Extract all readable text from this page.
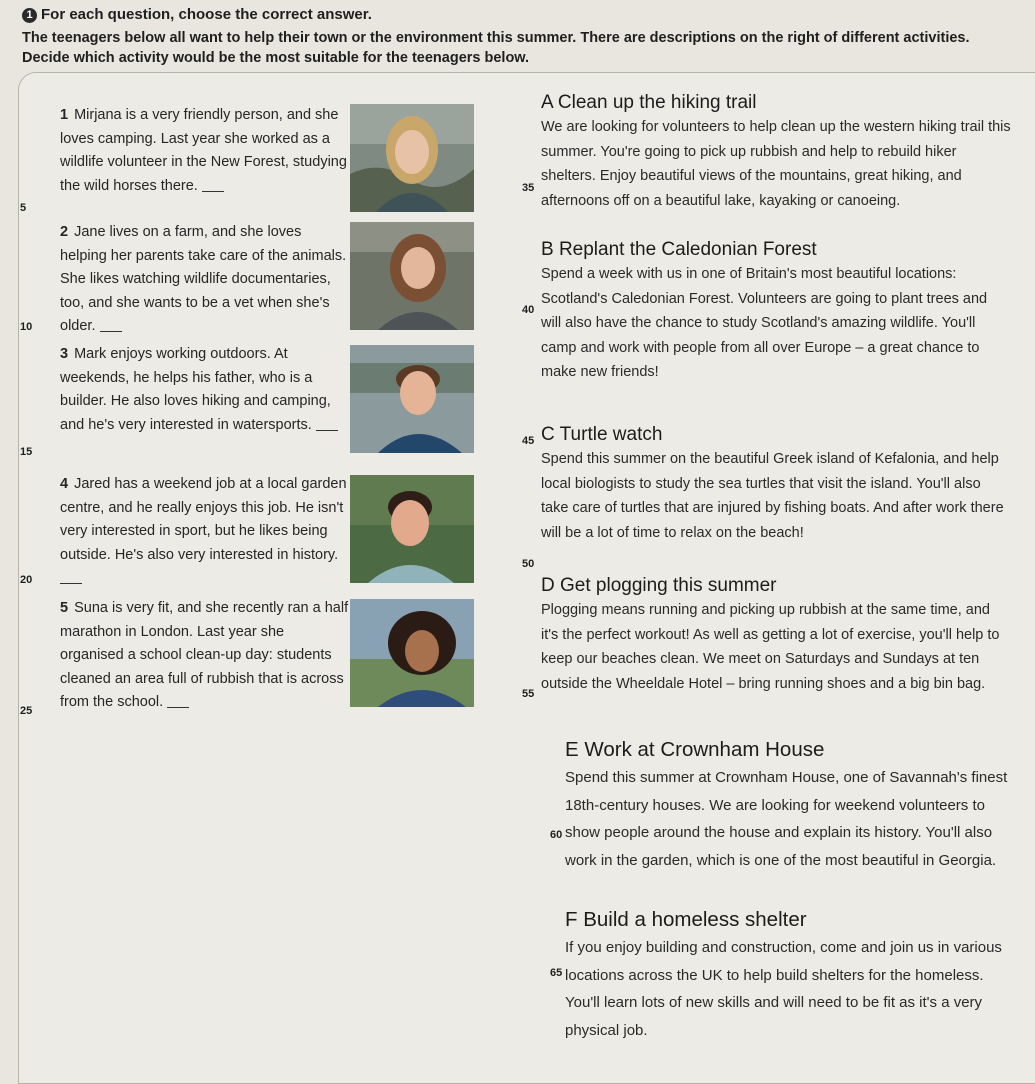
1 For each question, choose the correct answer.
The teenagers below all want to help their town or the environment this summer. There are descriptions on the right of different activities. Decide which activity would be the most suitable for the teenagers below.
5
10
15
20
25
1 Mirjana is a very friendly person, and she loves camping. Last year she worked as a wildlife volunteer in the New Forest, studying the wild horses there.
2 Jane lives on a farm, and she loves helping her parents take care of the animals. She likes watching wildlife documentaries, too, and she wants to be a vet when she's older.
3 Mark enjoys working outdoors. At weekends, he helps his father, who is a builder. He also loves hiking and camping, and he's very interested in watersports.
4 Jared has a weekend job at a local garden centre, and he really enjoys this job. He isn't very interested in sport, but he likes being outside. He's also very interested in history.
5 Suna is very fit, and she recently ran a half marathon in London. Last year she organised a school clean-up day: students cleaned an area full of rubbish that is across from the school.
35
40
45
50
55
60
65
A Clean up the hiking trail
We are looking for volunteers to help clean up the western hiking trail this summer. You're going to pick up rubbish and help to rebuild hiker shelters. Enjoy beautiful views of the mountains, great hiking, and afternoons off on a beautiful lake, kayaking or canoeing.
B Replant the Caledonian Forest
Spend a week with us in one of Britain's most beautiful locations: Scotland's Caledonian Forest. Volunteers are going to plant trees and will also have the chance to study Scotland's amazing wildlife. You'll camp and work with people from all over Europe – a great chance to make new friends!
C Turtle watch
Spend this summer on the beautiful Greek island of Kefalonia, and help local biologists to study the sea turtles that visit the island. You'll also take care of turtles that are injured by fishing boats. And after work there will be a lot of time to relax on the beach!
D Get plogging this summer
Plogging means running and picking up rubbish at the same time, and it's the perfect workout! As well as getting a lot of exercise, you'll help to keep our beaches clean. We meet on Saturdays and Sundays at ten outside the Wheeldale Hotel – bring running shoes and a big bin bag.
E Work at Crownham House
Spend this summer at Crownham House, one of Savannah's finest 18th-century houses. We are looking for weekend volunteers to show people around the house and explain its history. You'll also work in the garden, which is one of the most beautiful in Georgia.
F Build a homeless shelter
If you enjoy building and construction, come and join us in various locations across the UK to help build shelters for the homeless. You'll learn lots of new skills and will need to be fit as it's a very physical job.
